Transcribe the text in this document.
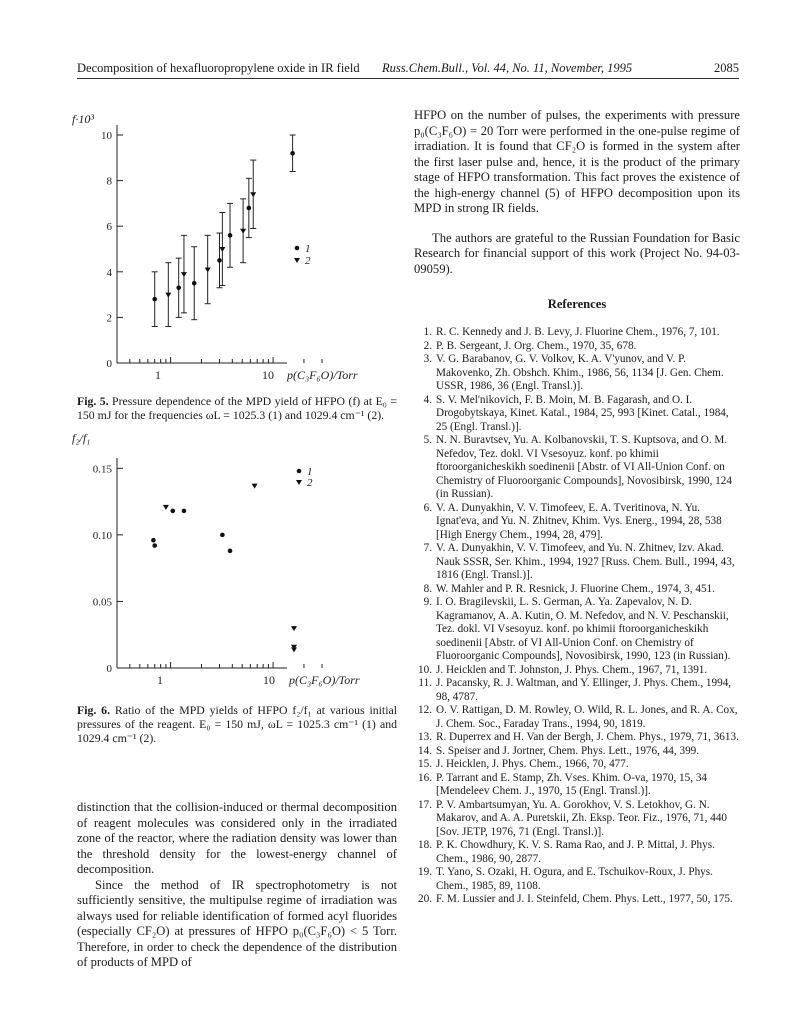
Decomposition of hexafluoropropylene oxide in IR field Russ.Chem.Bull., Vol. 44, No. 11, November, 1995	2085
f·10³
0
2
4
6
8
10
1	10 p(C₃F₆O)/Torr
1
2
Fig. 5. Pressure dependence of the MPD yield of HFPO (f) at E₀ = 150 mJ for the frequencies ωL = 1025.3 (1) and 1029.4 cm⁻¹ (2).
f₂/f₁
0
0.05
0.10
0.15
1	10 p(C₃F₆O)/Torr
1
2
Fig. 6. Ratio of the MPD yields of HFPO f₂/f₁ at various initial pressures of the reagent. E₀ = 150 mJ, ωL = 1025.3 cm⁻¹ (1) and 1029.4 cm⁻¹ (2).

distinction that the collision-induced or thermal decomposition of reagent molecules was considered only in the irradiated zone of the reactor, where the radiation density was lower than the threshold density for the lowest-energy channel of decomposition.

Since the method of IR spectrophotometry is not sufficiently sensitive, the multipulse regime of irradiation was always used for reliable identification of formed acyl fluorides (especially CF₂O) at pressures of HFPO p₀(C₃F₆O) < 5 Torr. Therefore, in order to check the dependence of the distribution of products of MPD of

HFPO on the number of pulses, the experiments with pressure p₀(C₃F₆O) = 20 Torr were performed in the one-pulse regime of irradiation. It is found that CF₂O is formed in the system after the first laser pulse and, hence, it is the product of the primary stage of HFPO transformation. This fact proves the existence of the high-energy channel (5) of HFPO decomposition upon its MPD in strong IR fields.

The authors are grateful to the Russian Foundation for Basic Research for financial support of this work (Project No. 94-03-09059).

References
1. R. C. Kennedy and J. B. Levy, J. Fluorine Chem., 1976, 7, 101.
2. P. B. Sergeant, J. Org. Chem., 1970, 35, 678.
3. V. G. Barabanov, G. V. Volkov, K. A. V'yunov, and V. P. Makovenko, Zh. Obshch. Khim., 1986, 56, 1134 [J. Gen. Chem. USSR, 1986, 36 (Engl. Transl.)].
4. S. V. Mel'nikovich, F. B. Moin, M. B. Fagarash, and O. I. Drogobytskaya, Kinet. Katal., 1984, 25, 993 [Kinet. Catal., 1984, 25 (Engl. Transl.)].
5. N. N. Buravtsev, Yu. A. Kolbanovskii, T. S. Kuptsova, and O. M. Nefedov, Tez. dokl. VI Vsesoyuz. konf. po khimii ftoroorganicheskikh soedinenii [Abstr. of VI All-Union Conf. on Chemistry of Fluoroorganic Compounds], Novosibirsk, 1990, 124 (in Russian).
6. V. A. Dunyakhin, V. V. Timofeev, E. A. Tveritinova, N. Yu. Ignat'eva, and Yu. N. Zhitnev, Khim. Vys. Energ., 1994, 28, 538 [High Energy Chem., 1994, 28, 479].
7. V. A. Dunyakhin, V. V. Timofeev, and Yu. N. Zhitnev, Izv. Akad. Nauk SSSR, Ser. Khim., 1994, 1927 [Russ. Chem. Bull., 1994, 43, 1816 (Engl. Transl.)].
8. W. Mahler and P. R. Resnick, J. Fluorine Chem., 1974, 3, 451.
9. I. O. Bragilevskii, L. S. German, A. Ya. Zapevalov, N. D. Kagramanov, A. A. Kutin, O. M. Nefedov, and N. V. Peschanskii, Tez. dokl. VI Vsesoyuz. konf. po khimii ftoroorganicheskikh soedinenii [Abstr. of VI All-Union Conf. on Chemistry of Fluoroorganic Compounds], Novosibirsk, 1990, 123 (in Russian).
10. J. Heicklen and T. Johnston, J. Phys. Chem., 1967, 71, 1391.
11. J. Pacansky, R. J. Waltman, and Y. Ellinger, J. Phys. Chem., 1994, 98, 4787.
12. O. V. Rattigan, D. M. Rowley, O. Wild, R. L. Jones, and R. A. Cox, J. Chem. Soc., Faraday Trans., 1994, 90, 1819.
13. R. Duperrex and H. Van der Bergh, J. Chem. Phys., 1979, 71, 3613.
14. S. Speiser and J. Jortner, Chem. Phys. Lett., 1976, 44, 399.
15. J. Heicklen, J. Phys. Chem., 1966, 70, 477.
16. P. Tarrant and E. Stamp, Zh. Vses. Khim. O-va, 1970, 15, 34 [Mendeleev Chem. J., 1970, 15 (Engl. Transl.)].
17. P. V. Ambartsumyan, Yu. A. Gorokhov, V. S. Letokhov, G. N. Makarov, and A. A. Puretskii, Zh. Eksp. Teor. Fiz., 1976, 71, 440 [Sov. JETP, 1976, 71 (Engl. Transl.)].
18. P. K. Chowdhury, K. V. S. Rama Rao, and J. P. Mittal, J. Phys. Chem., 1986, 90, 2877.
19. T. Yano, S. Ozaki, H. Ogura, and E. Tschuikov-Roux, J. Phys. Chem., 1985, 89, 1108.
20. F. M. Lussier and J. I. Steinfeld, Chem. Phys. Lett., 1977, 50, 175.
